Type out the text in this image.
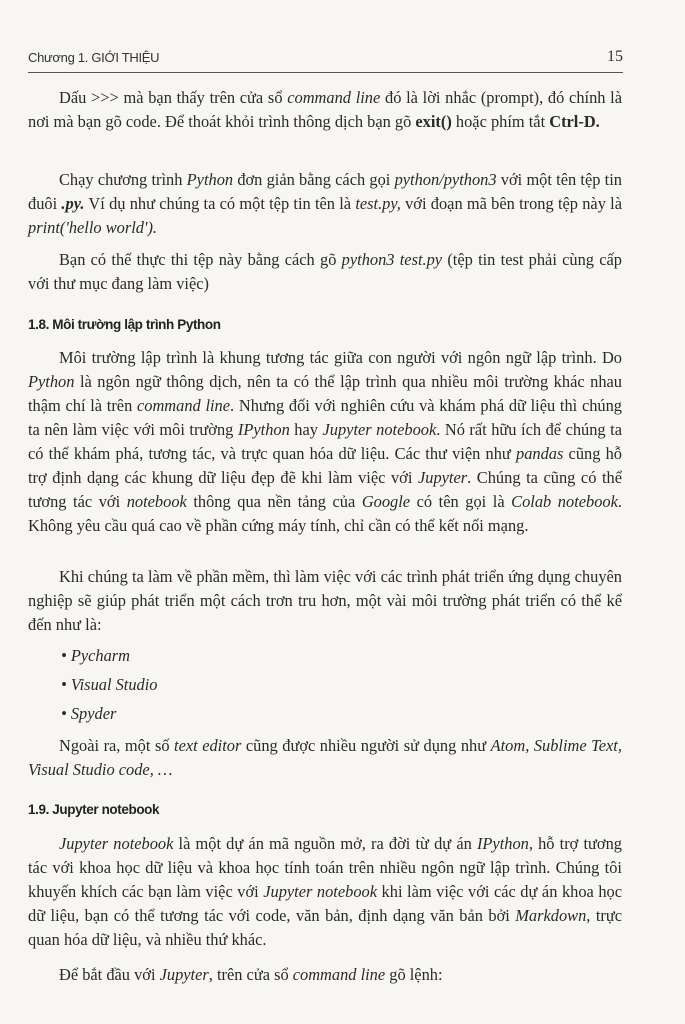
Chương 1. GIỚI THIỆU	15

Dấu >>> mà bạn thấy trên cửa sổ command line đó là lời nhắc (prompt), đó chính là nơi mà bạn gõ code. Để thoát khỏi trình thông dịch bạn gõ exit() hoặc phím tắt Ctrl-D.

Chạy chương trình Python đơn giản bằng cách gọi python/python3 với một tên tệp tin đuôi .py. Ví dụ như chúng ta có một tệp tin tên là test.py, với đoạn mã bên trong tệp này là print('hello world').

Bạn có thể thực thi tệp này bằng cách gõ python3 test.py (tệp tin test phải cùng cấp với thư mục đang làm việc)

1.8. Môi trường lập trình Python

Môi trường lập trình là khung tương tác giữa con người với ngôn ngữ lập trình. Do Python là ngôn ngữ thông dịch, nên ta có thể lập trình qua nhiều môi trường khác nhau thậm chí là trên command line. Nhưng đối với nghiên cứu và khám phá dữ liệu thì chúng ta nên làm việc với môi trường IPython hay Jupyter notebook. Nó rất hữu ích để chúng ta có thể khám phá, tương tác, và trực quan hóa dữ liệu. Các thư viện như pandas cũng hỗ trợ định dạng các khung dữ liệu đẹp đẽ khi làm việc với Jupyter. Chúng ta cũng có thể tương tác với notebook thông qua nền tảng của Google có tên gọi là Colab notebook. Không yêu cầu quá cao về phần cứng máy tính, chỉ cần có thể kết nối mạng.

Khi chúng ta làm về phần mềm, thì làm việc với các trình phát triển ứng dụng chuyên nghiệp sẽ giúp phát triển một cách trơn tru hơn, một vài môi trường phát triển có thể kể đến như là:

• Pycharm
• Visual Studio
• Spyder

Ngoài ra, một số text editor cũng được nhiều người sử dụng như Atom, Sublime Text, Visual Studio code, …

1.9. Jupyter notebook

Jupyter notebook là một dự án mã nguồn mở, ra đời từ dự án IPython, hỗ trợ tương tác với khoa học dữ liệu và khoa học tính toán trên nhiều ngôn ngữ lập trình. Chúng tôi khuyến khích các bạn làm việc với Jupyter notebook khi làm việc với các dự án khoa học dữ liệu, bạn có thể tương tác với code, văn bản, định dạng văn bản bởi Markdown, trực quan hóa dữ liệu, và nhiều thứ khác.

Để bắt đầu với Jupyter, trên cửa sổ command line gõ lệnh:
